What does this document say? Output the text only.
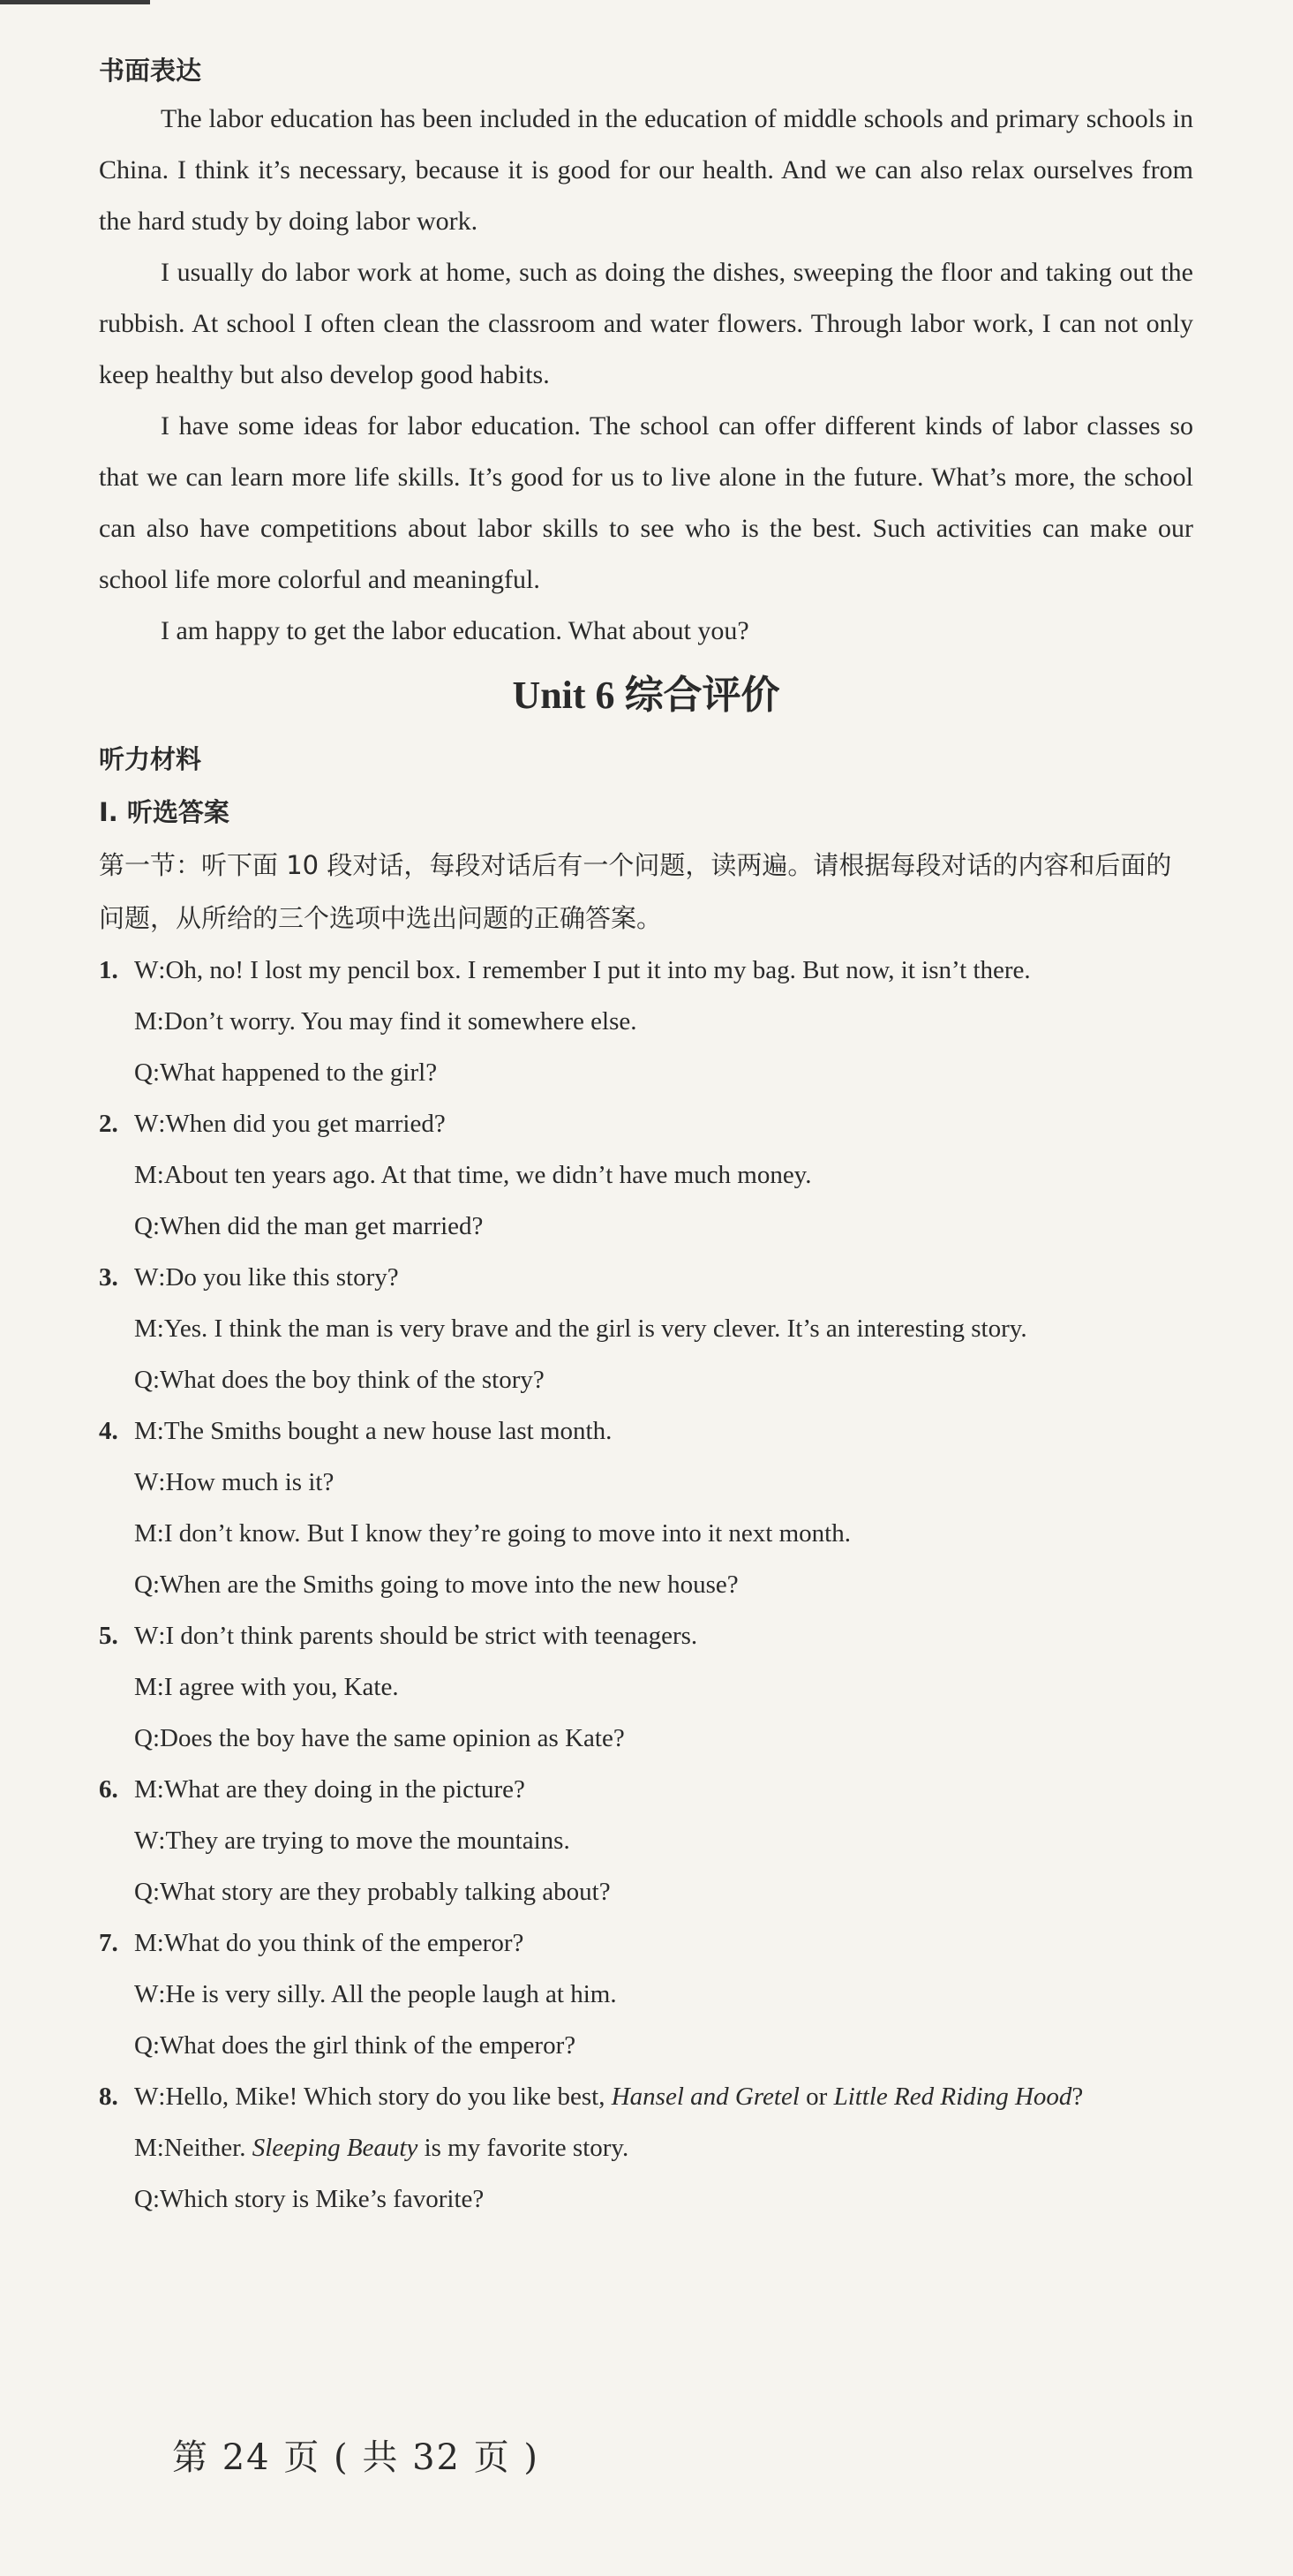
书面表达

The labor education has been included in the education of middle schools and primary schools in China. I think it’s necessary, because it is good for our health. And we can also relax ourselves from the hard study by doing labor work.

I usually do labor work at home, such as doing the dishes, sweeping the floor and taking out the rubbish. At school I often clean the classroom and water flowers. Through labor work, I can not only keep healthy but also develop good habits.

I have some ideas for labor education. The school can offer different kinds of labor classes so that we can learn more life skills. It’s good for us to live alone in the future. What’s more, the school can also have competitions about labor skills to see who is the best. Such activities can make our school life more colorful and meaningful.

I am happy to get the labor education. What about you?

Unit 6 综合评价

听力材料

Ⅰ. 听选答案

第一节：听下面 10 段对话，每段对话后有一个问题，读两遍。请根据每段对话的内容和后面的问题，从所给的三个选项中选出问题的正确答案。

1. W:Oh, no! I lost my pencil box. I remember I put it into my bag. But now, it isn’t there.

M:Don’t worry. You may find it somewhere else.

Q:What happened to the girl?

2. W:When did you get married?

M:About ten years ago. At that time, we didn’t have much money.

Q:When did the man get married?

3. W:Do you like this story?

M:Yes. I think the man is very brave and the girl is very clever. It’s an interesting story.

Q:What does the boy think of the story?

4. M:The Smiths bought a new house last month.

W:How much is it?

M:I don’t know. But I know they’re going to move into it next month.

Q:When are the Smiths going to move into the new house?

5. W:I don’t think parents should be strict with teenagers.

M:I agree with you, Kate.

Q:Does the boy have the same opinion as Kate?

6. M:What are they doing in the picture?

W:They are trying to move the mountains.

Q:What story are they probably talking about?

7. M:What do you think of the emperor?

W:He is very silly. All the people laugh at him.

Q:What does the girl think of the emperor?

8. W:Hello, Mike! Which story do you like best, Hansel and Gretel or Little Red Riding Hood?

M:Neither. Sleeping Beauty is my favorite story.

Q:Which story is Mike’s favorite?

第 24 页 ( 共 32 页 )
